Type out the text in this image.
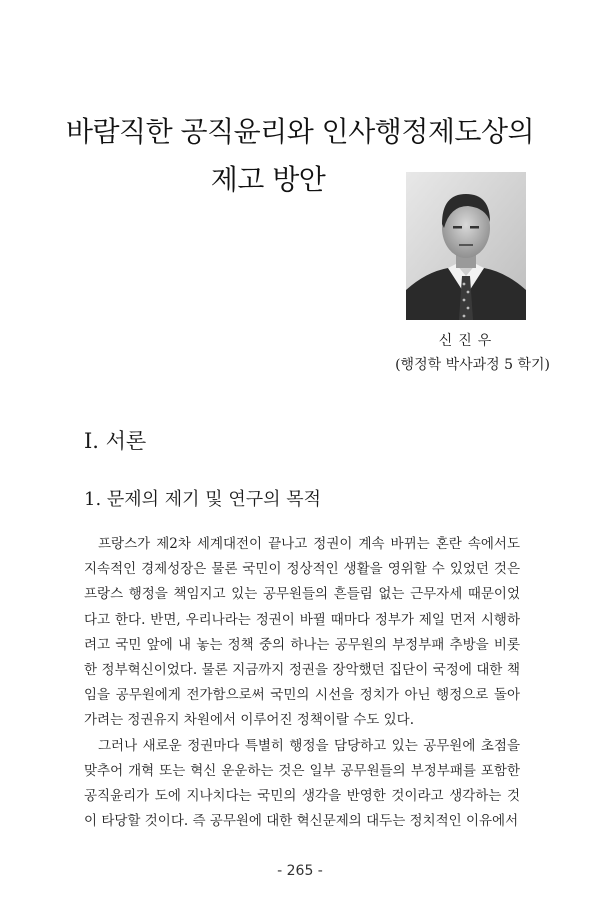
바람직한 공직윤리와 인사행정제도상의
제고 방안
신진우
(행정학 박사과정 5 학기)
Ⅰ. 서론
1. 문제의 제기 및 연구의 목적

프랑스가 제2차 세계대전이 끝나고 정권이 계속 바뀌는 혼란 속에서도 지속적인 경제성장은 물론 국민이 정상적인 생활을 영위할 수 있었던 것은 프랑스 행정을 책임지고 있는 공무원들의 흔들림 없는 근무자세 때문이었다고 한다. 반면, 우리나라는 정권이 바뀔 때마다 정부가 제일 먼저 시행하려고 국민 앞에 내 놓는 정책 중의 하나는 공무원의 부정부패 추방을 비롯한 정부혁신이었다. 물론 지금까지 정권을 장악했던 집단이 국정에 대한 책임을 공무원에게 전가함으로써 국민의 시선을 정치가 아닌 행정으로 돌아가려는 정권유지 차원에서 이루어진 정책이랄 수도 있다.

그러나 새로운 정권마다 특별히 행정을 담당하고 있는 공무원에 초점을 맞추어 개혁 또는 혁신 운운하는 것은 일부 공무원들의 부정부패를 포함한 공직윤리가 도에 지나치다는 국민의 생각을 반영한 것이라고 생각하는 것이 타당할 것이다. 즉 공무원에 대한 혁신문제의 대두는 정치적인 이유에서

- 265 -
